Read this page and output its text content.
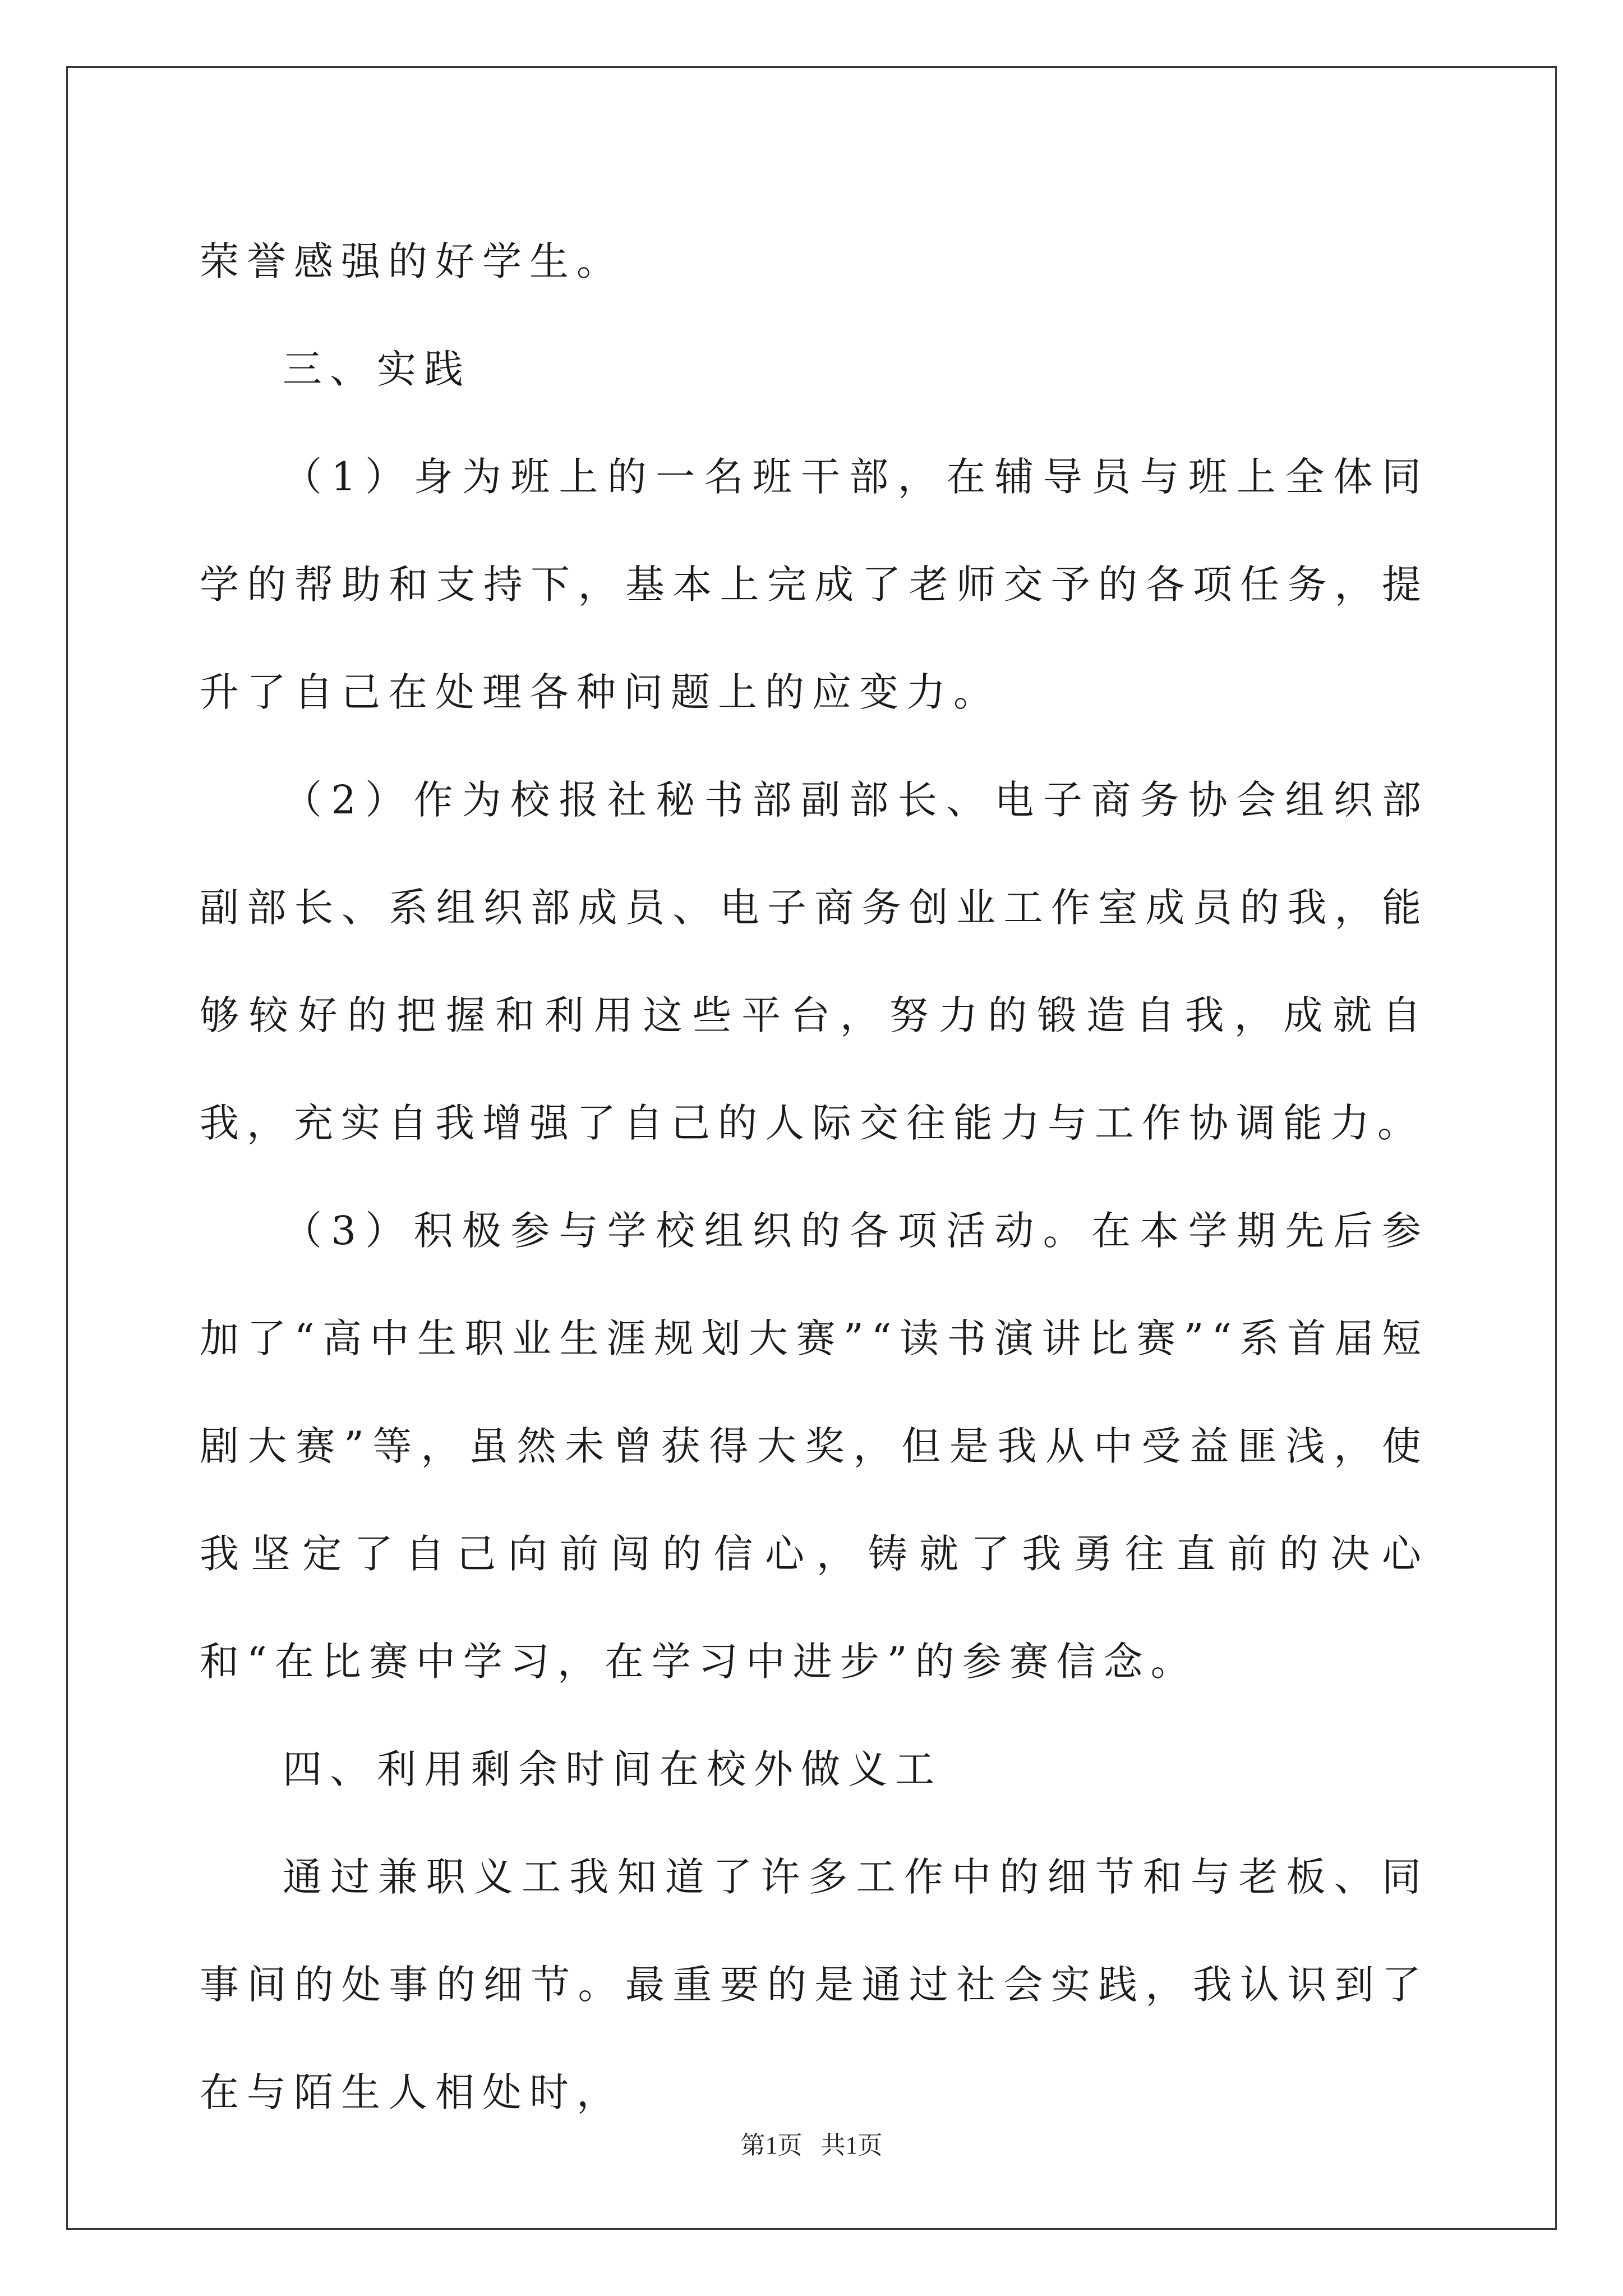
荣誉感强的好学生。

三、实践

（1）身为班上的一名班干部，在辅导员与班上全体同学的帮助和支持下，基本上完成了老师交予的各项任务，提升了自己在处理各种问题上的应变力。

（2）作为校报社秘书部副部长、电子商务协会组织部副部长、系组织部成员、电子商务创业工作室成员的我，能够较好的把握和利用这些平台，努力的锻造自我，成就自我，充实自我增强了自己的人际交往能力与工作协调能力。

（3）积极参与学校组织的各项活动。在本学期先后参加了“高中生职业生涯规划大赛”“读书演讲比赛”“系首届短剧大赛”等，虽然未曾获得大奖，但是我从中受益匪浅，使我坚定了自己向前闯的信心，铸就了我勇往直前的决心和“在比赛中学习，在学习中进步”的参赛信念。

四、利用剩余时间在校外做义工

通过兼职义工我知道了许多工作中的细节和与老板、同事间的处事的细节。最重要的是通过社会实践，我认识到了在与陌生人相处时，

第1页   共1页
